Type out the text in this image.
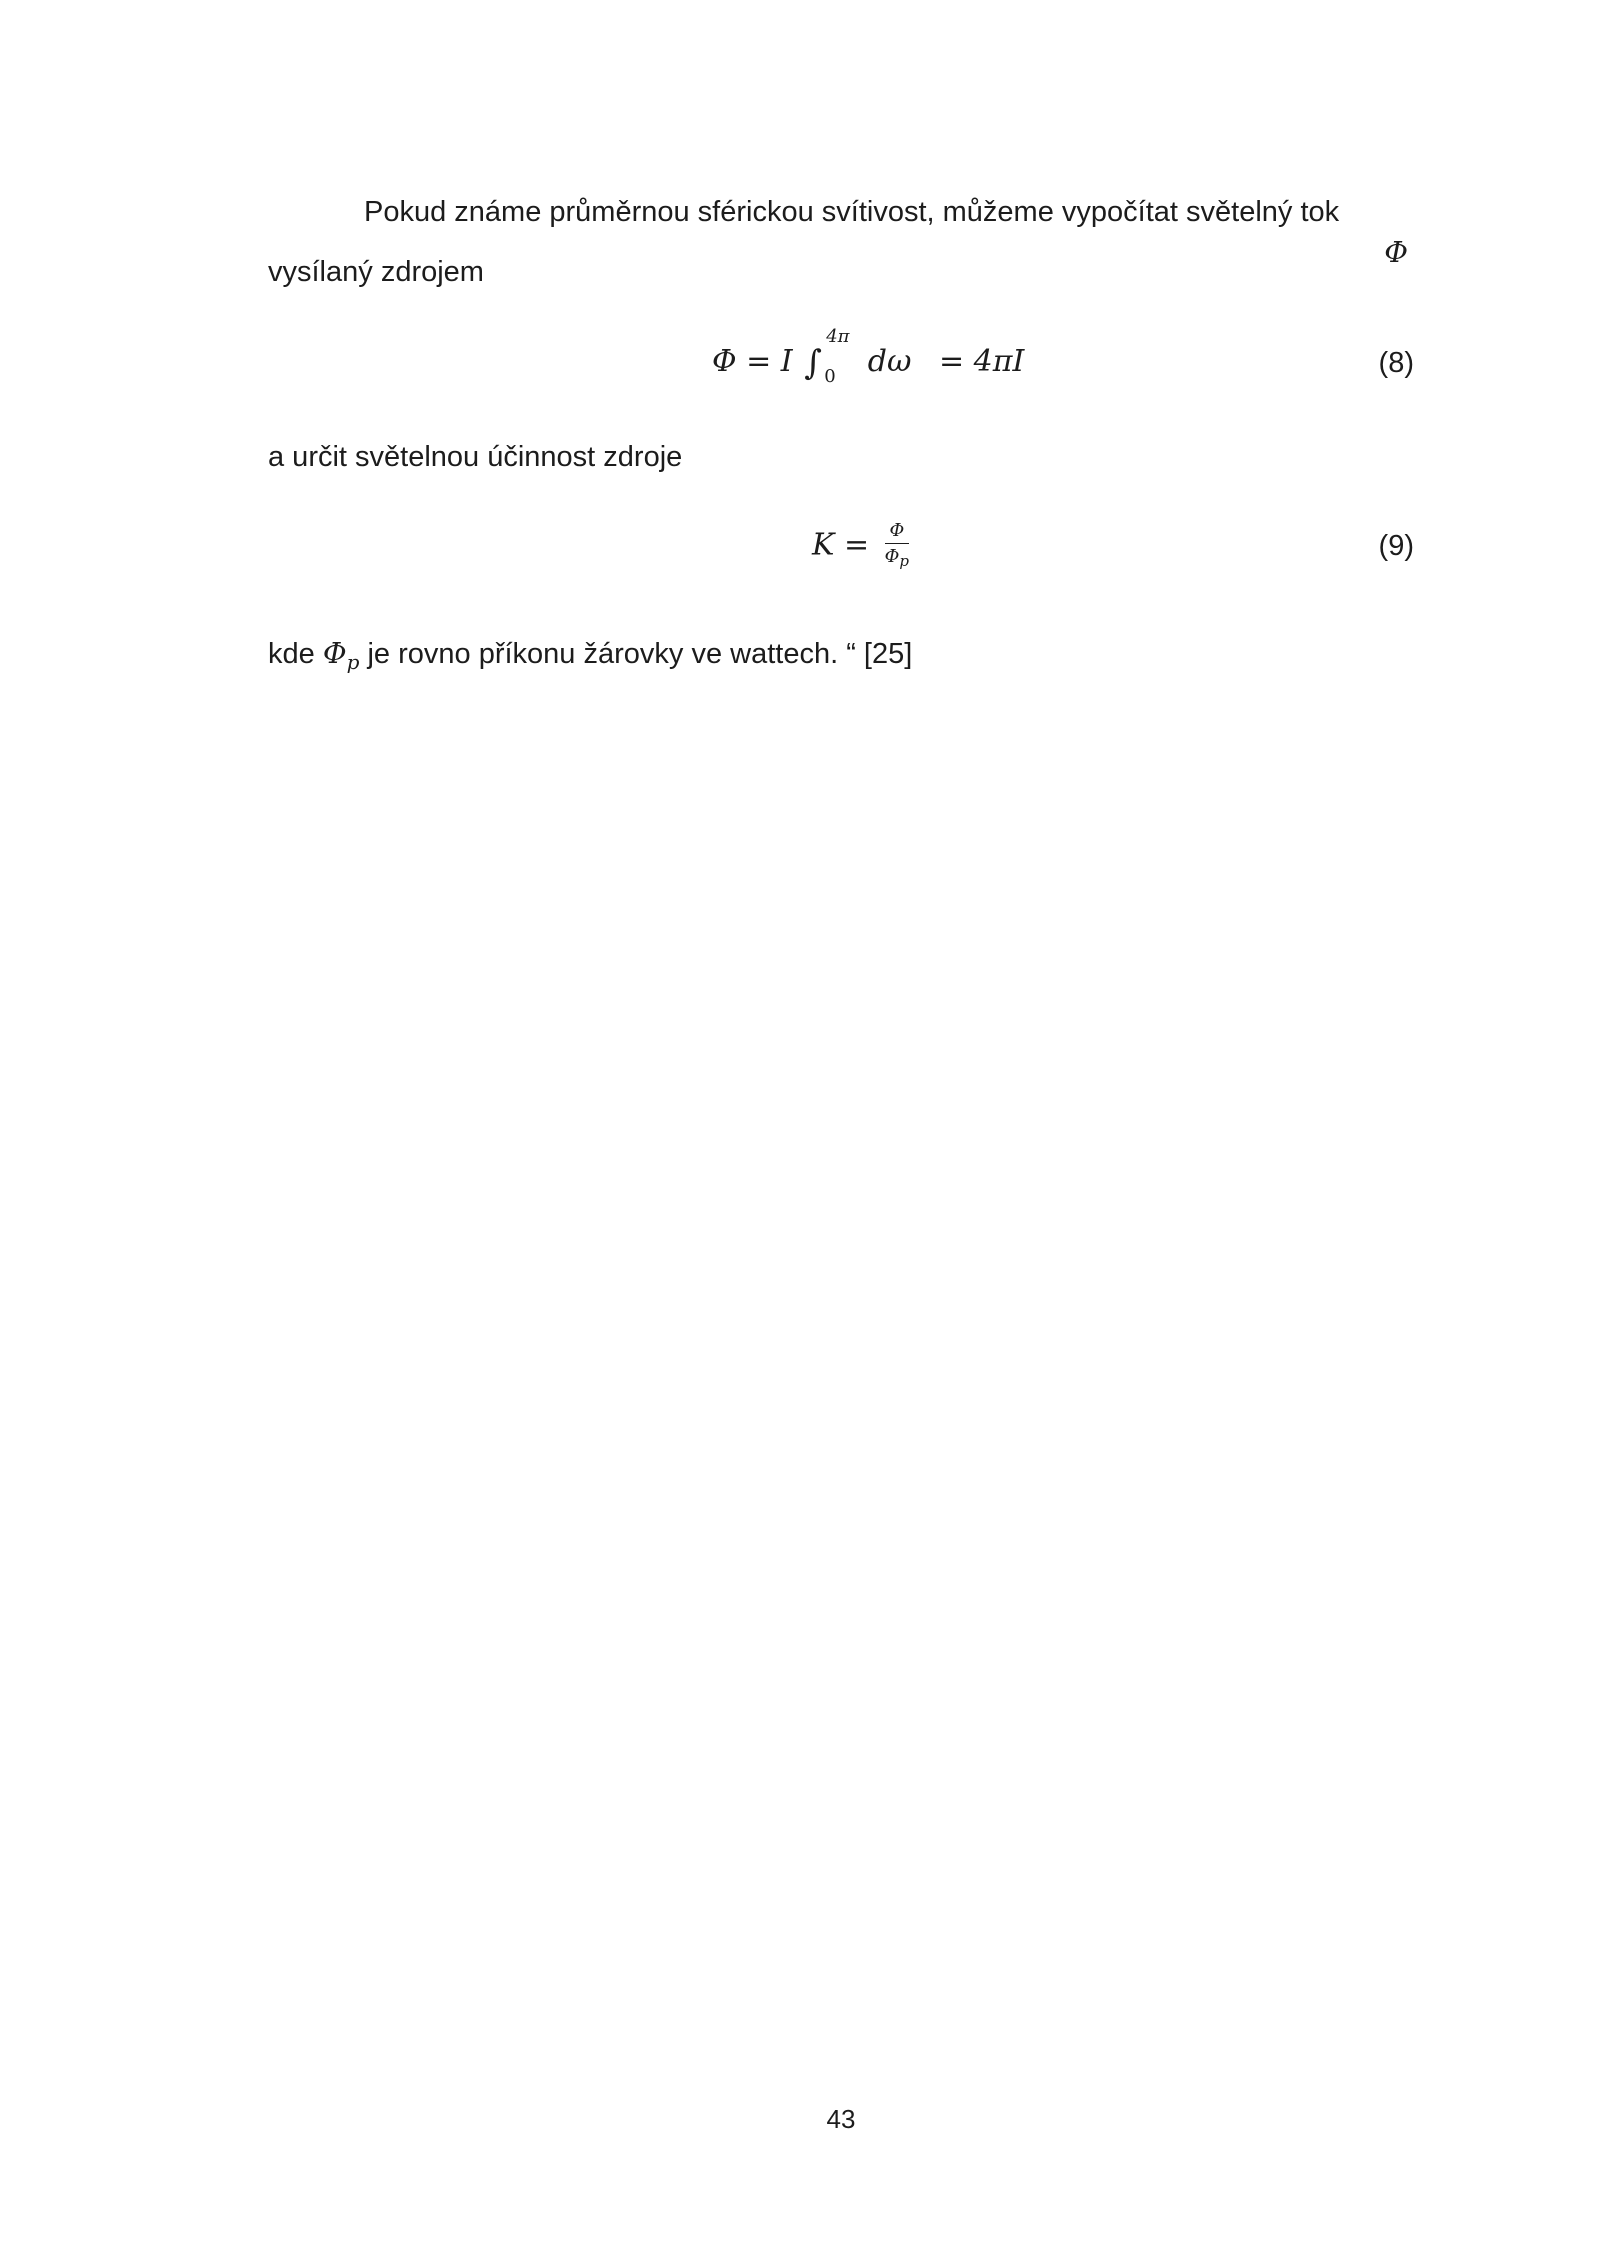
Pokud známe průměrnou sférickou svítivost, můžeme vypočítat světelný tok
Φ
vysílaný zdrojem
Φ = I ∫
4π
0 dω = 4πI	(8)
a určit světelnou účinnost zdroje
$K = \frac{\Phi}{\Phi_p}$	(9)
kde $\Phi_p$ je rovno příkonu žárovky ve wattech. “ [25]
43
